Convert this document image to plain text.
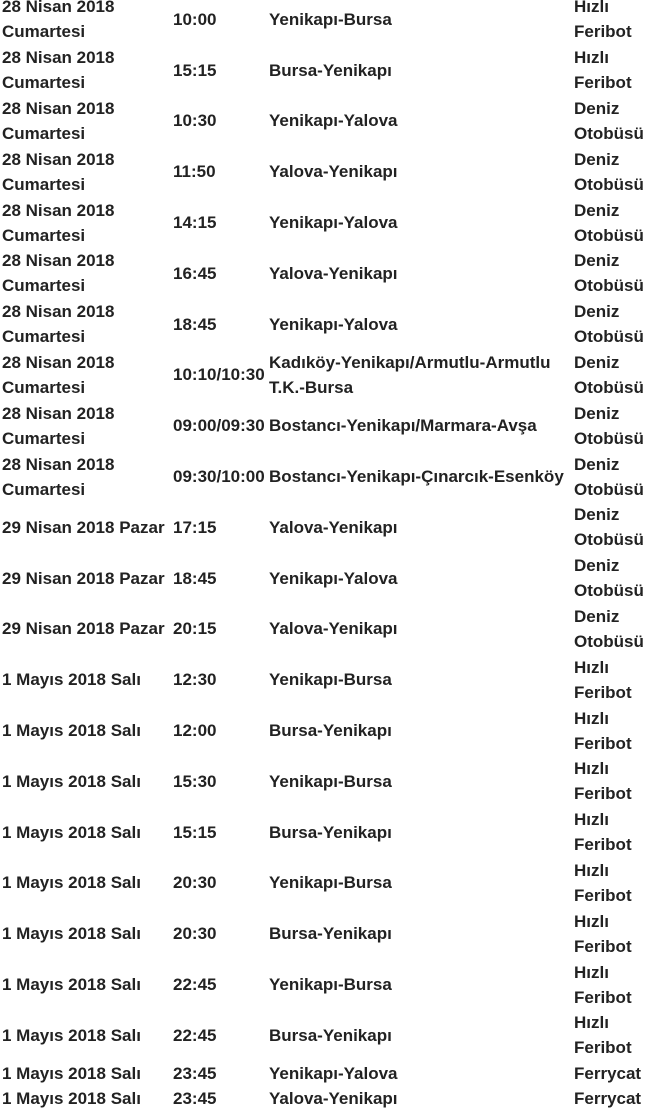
28 Nisan 2018 Cumartesi	10:00	Yenikapı-Bursa	Hızlı Feribot
28 Nisan 2018 Cumartesi	15:15	Bursa-Yenikapı	Hızlı Feribot
28 Nisan 2018 Cumartesi	10:30	Yenikapı-Yalova	Deniz Otobüsü
28 Nisan 2018 Cumartesi	11:50	Yalova-Yenikapı	Deniz Otobüsü
28 Nisan 2018 Cumartesi	14:15	Yenikapı-Yalova	Deniz Otobüsü
28 Nisan 2018 Cumartesi	16:45	Yalova-Yenikapı	Deniz Otobüsü
28 Nisan 2018 Cumartesi	18:45	Yenikapı-Yalova	Deniz Otobüsü
28 Nisan 2018 Cumartesi	10:10/10:30	Kadıköy-Yenikapı/Armutlu-Armutlu T.K.-Bursa	Deniz Otobüsü
28 Nisan 2018 Cumartesi	09:00/09:30	Bostancı-Yenikapı/Marmara-Avşa	Deniz Otobüsü
28 Nisan 2018 Cumartesi	09:30/10:00	Bostancı-Yenikapı-Çınarcık-Esenköy	Deniz Otobüsü
29 Nisan 2018 Pazar	17:15	Yalova-Yenikapı	Deniz Otobüsü
29 Nisan 2018 Pazar	18:45	Yenikapı-Yalova	Deniz Otobüsü
29 Nisan 2018 Pazar	20:15	Yalova-Yenikapı	Deniz Otobüsü
1 Mayıs 2018 Salı	12:30	Yenikapı-Bursa	Hızlı Feribot
1 Mayıs 2018 Salı	12:00	Bursa-Yenikapı	Hızlı Feribot
1 Mayıs 2018 Salı	15:30	Yenikapı-Bursa	Hızlı Feribot
1 Mayıs 2018 Salı	15:15	Bursa-Yenikapı	Hızlı Feribot
1 Mayıs 2018 Salı	20:30	Yenikapı-Bursa	Hızlı Feribot
1 Mayıs 2018 Salı	20:30	Bursa-Yenikapı	Hızlı Feribot
1 Mayıs 2018 Salı	22:45	Yenikapı-Bursa	Hızlı Feribot
1 Mayıs 2018 Salı	22:45	Bursa-Yenikapı	Hızlı Feribot
1 Mayıs 2018 Salı	23:45	Yenikapı-Yalova	Ferrycat
1 Mayıs 2018 Salı	23:45	Yalova-Yenikapı	Ferrycat
